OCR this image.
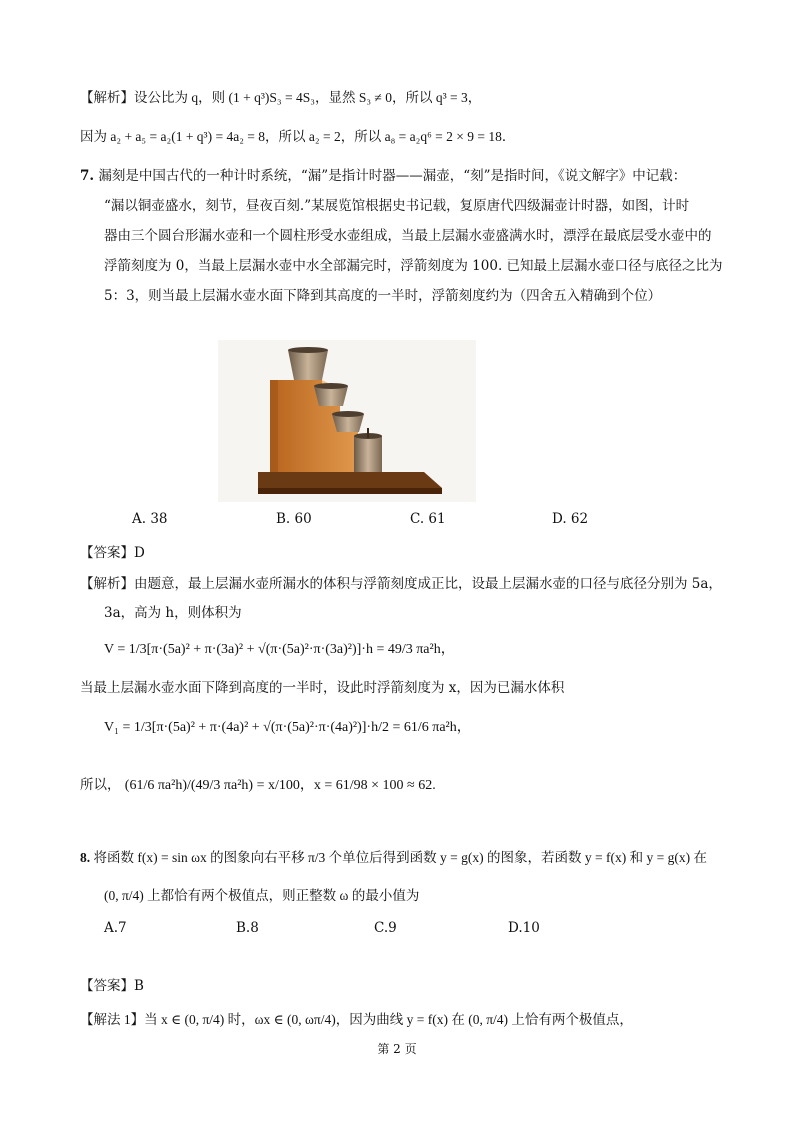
【解析】设公比为 q，则 (1 + q³)S₃ = 4S₃，显然 S₃ ≠ 0，所以 q³ = 3，
因为 a₂ + a₅ = a₂(1 + q³) = 4a₂ = 8，所以 a₂ = 2，所以 a₈ = a₂q⁶ = 2 × 9 = 18．
7. 漏刻是中国古代的一种计时系统，“漏”是指计时器——漏壶，“刻”是指时间，《说文解字》中记载：
“漏以铜壶盛水，刻节，昼夜百刻.”某展览馆根据史书记载，复原唐代四级漏壶计时器，如图，计时
器由三个圆台形漏水壶和一个圆柱形受水壶组成，当最上层漏水壶盛满水时，漂浮在最底层受水壶中的
浮箭刻度为 0，当最上层漏水壶中水全部漏完时，浮箭刻度为 100. 已知最上层漏水壶口径与底径之比为
5：3，则当最上层漏水壶水面下降到其高度的一半时，浮箭刻度约为（四舍五入精确到个位）
A. 38	B. 60	C. 61	D. 62
【答案】D
【解析】由题意，最上层漏水壶所漏水的体积与浮箭刻度成正比，设最上层漏水壶的口径与底径分别为 5a，
3a，高为 h，则体积为
V = 1/3[π·(5a)² + π·(3a)² + √(π·(5a)²·π·(3a)²)]·h = 49/3 πa²h，
当最上层漏水壶水面下降到高度的一半时，设此时浮箭刻度为 x，因为已漏水体积
V₁ = 1/3[π·(5a)² + π·(4a)² + √(π·(5a)²·π·(4a)²)]·h/2 = 61/6 πa²h，
所以， (61/6 πa²h)/(49/3 πa²h) = x/100，x = 61/98 × 100 ≈ 62.
8. 将函数 f(x) = sin ωx 的图象向右平移 π/3 个单位后得到函数 y = g(x) 的图象，若函数 y = f(x) 和 y = g(x) 在
(0, π/4) 上都恰有两个极值点，则正整数 ω 的最小值为
A.7	B.8	C.9	D.10
【答案】B
【解法 1】当 x ∈ (0, π/4) 时，ωx ∈ (0, ωπ/4)，因为曲线 y = f(x) 在 (0, π/4) 上恰有两个极值点，
第 2 页
